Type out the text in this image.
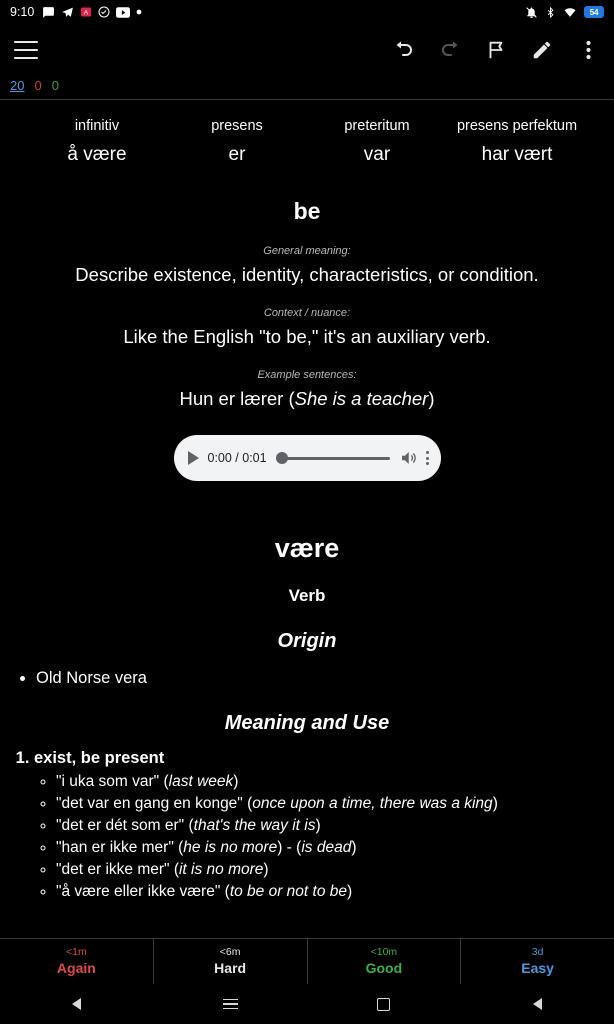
9:10	A	54
20 0 0
infinitiv	presens	preteritum	presens perfektum
å være	er	var	har vært
be
General meaning:
Describe existence, identity, characteristics, or condition.
Context / nuance:
Like the English "to be," it's an auxiliary verb.
Example sentences:
Hun er lærer (She is a teacher)
0:00 / 0:01
være
Verb
Origin
• Old Norse vera
Meaning and Use
1. exist, be present
◦ "i uka som var" (last week)
◦ "det var en gang en konge" (once upon a time, there was a king)
◦ "det er dét som er" (that's the way it is)
◦ "han er ikke mer" (he is no more) - (is dead)
◦ "det er ikke mer" (it is no more)
◦ "å være eller ikke være" (to be or not to be)
<1m
Again
<6m
Hard
<10m
Good
3d
Easy
